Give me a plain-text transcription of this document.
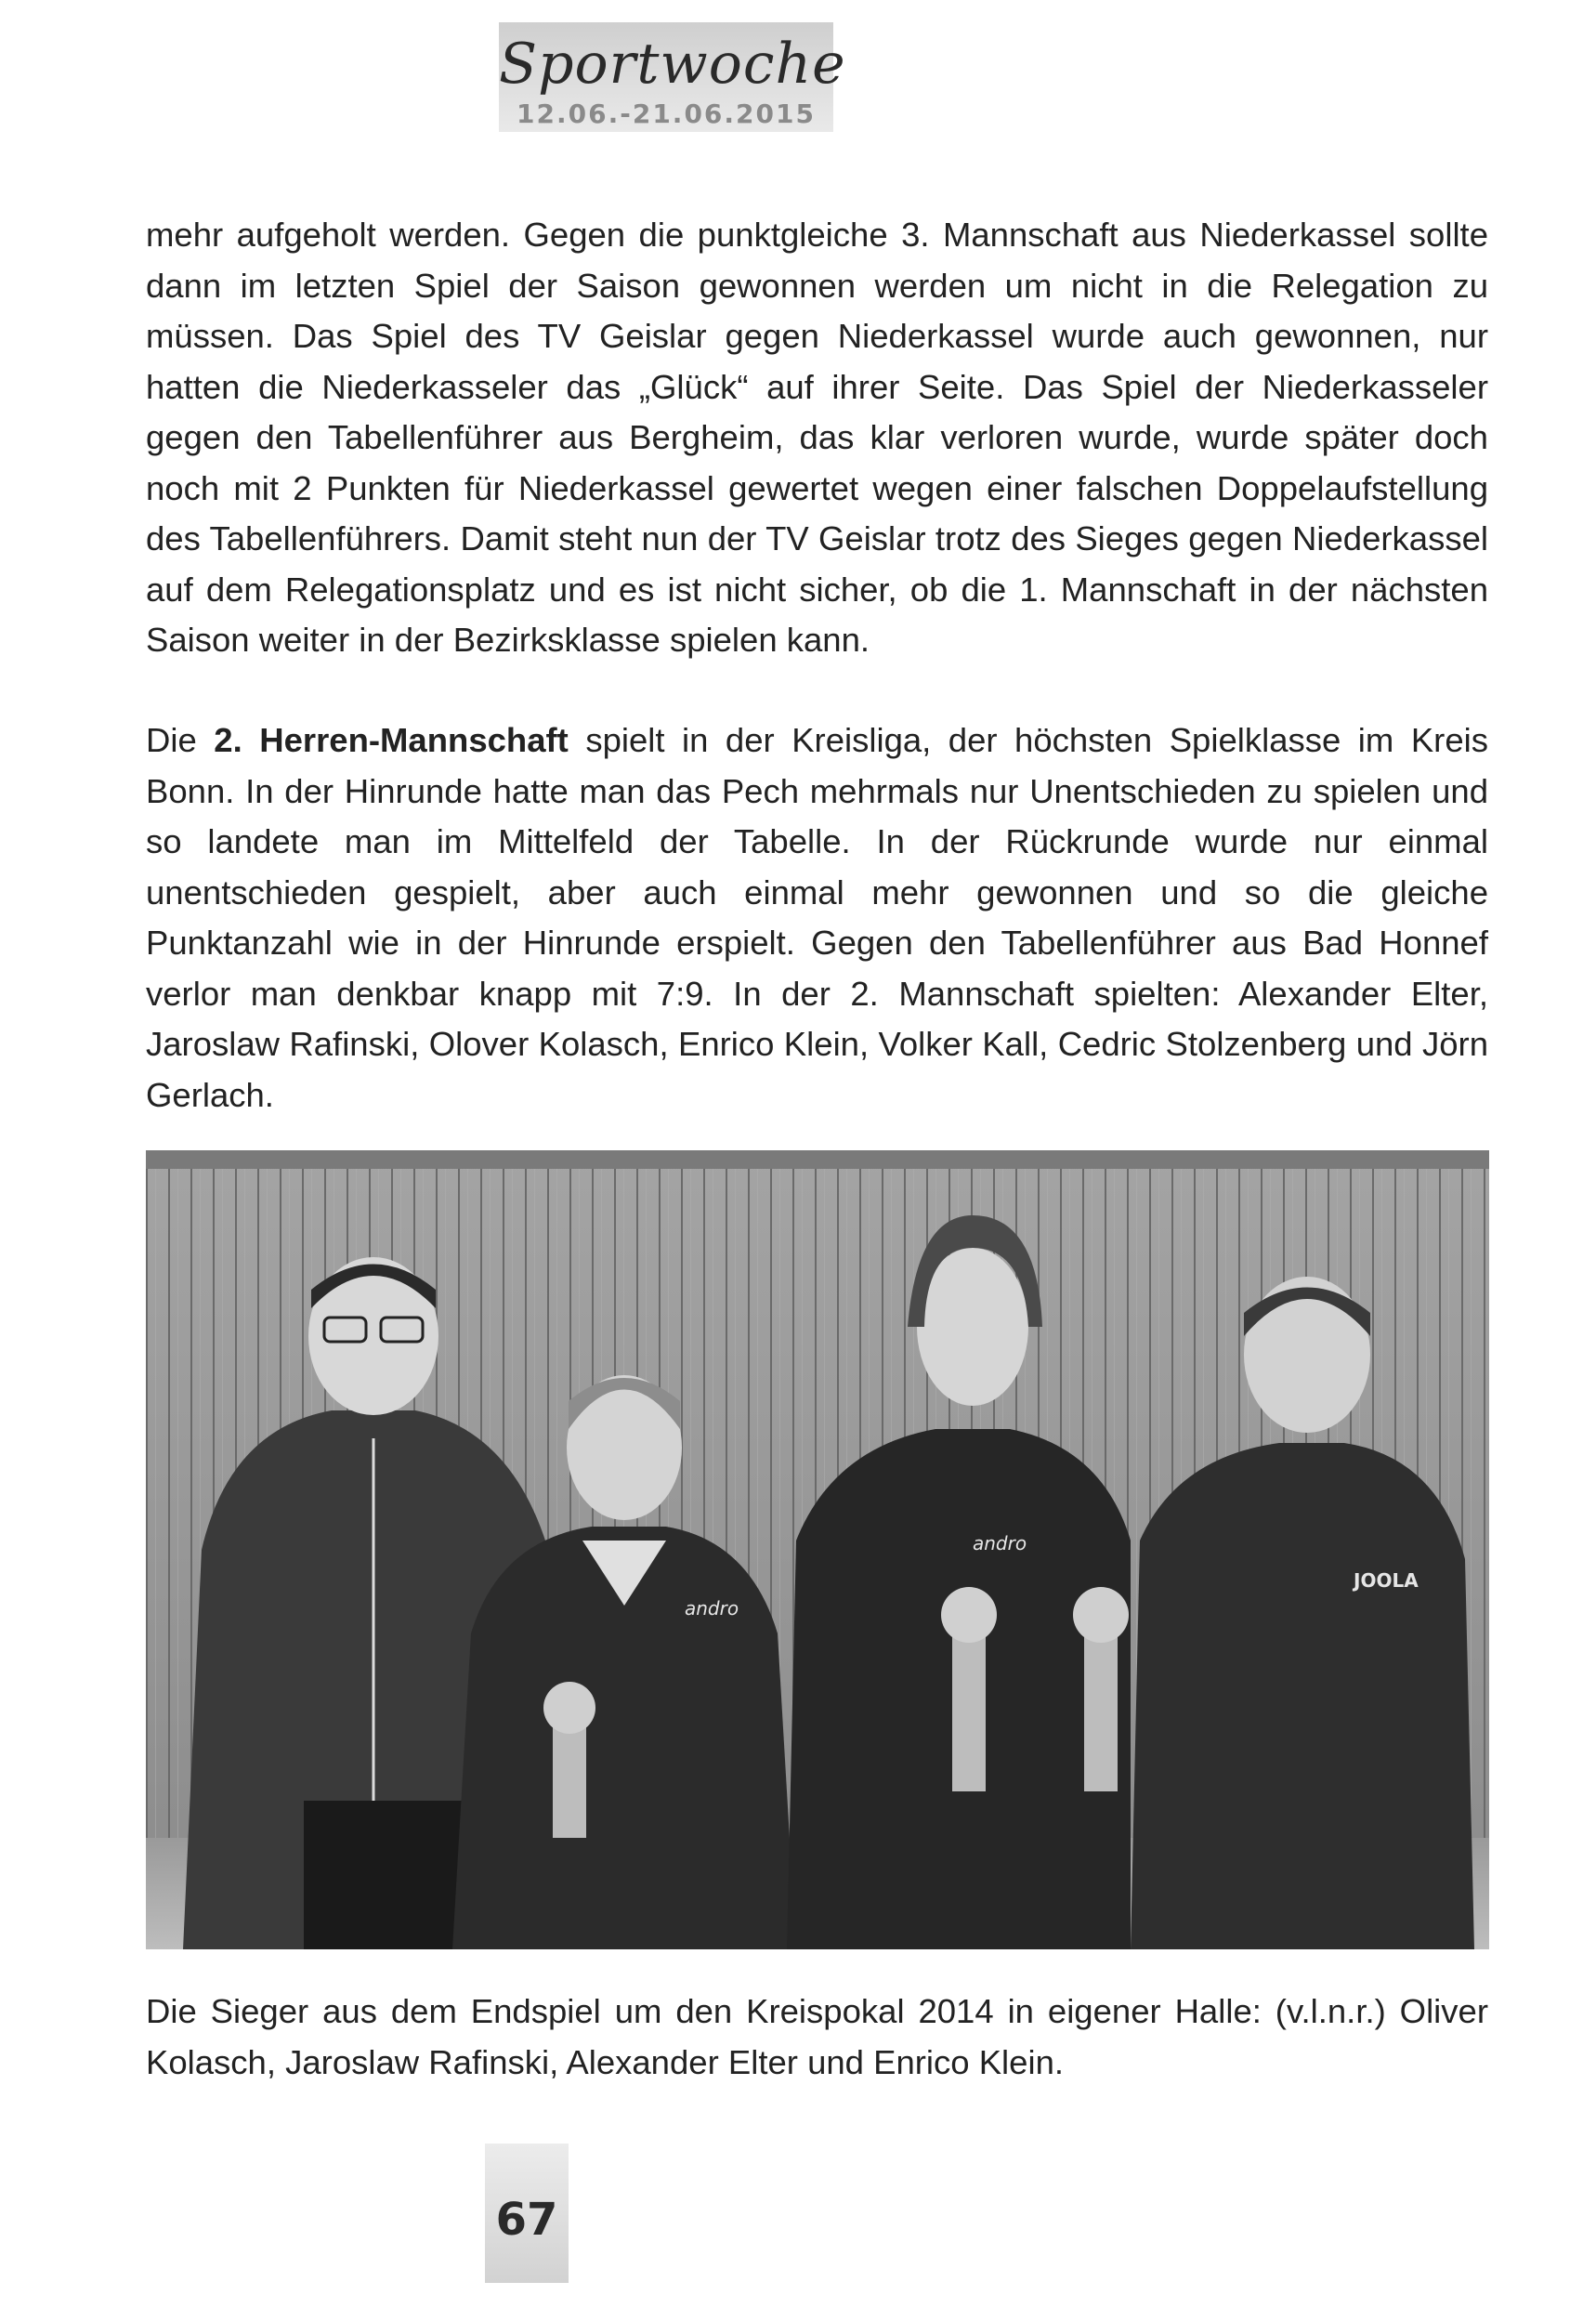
Sportwoche
12.06.-21.06.2015

mehr aufgeholt werden. Gegen die punktgleiche 3. Mannschaft aus Niederkassel sollte dann im letzten Spiel der Saison gewonnen werden um nicht in die Relegation zu müssen. Das Spiel des TV Geislar gegen Niederkassel wurde auch gewonnen, nur hatten die Niederkasseler das „Glück“ auf ihrer Seite. Das Spiel der Niederkasseler gegen den Tabellenführer aus Bergheim, das klar verloren wurde, wurde später doch noch mit 2 Punkten für Niederkassel gewertet wegen einer falschen Doppelaufstellung des Tabellenführers. Damit steht nun der TV Geislar trotz des Sieges gegen Niederkassel auf dem Relegationsplatz und es ist nicht sicher, ob die 1. Mannschaft in der nächsten Saison weiter in der Bezirksklasse spielen kann.

Die 2. Herren-Mannschaft spielt in der Kreisliga, der höchsten Spielklasse im Kreis Bonn. In der Hinrunde hatte man das Pech mehrmals nur Unentschieden zu spielen und so landete man im Mittelfeld der Tabelle. In der Rückrunde wurde nur einmal unentschieden gespielt, aber auch einmal mehr gewonnen und so die gleiche Punktanzahl wie in der Hinrunde erspielt. Gegen den Tabellenführer aus Bad Honnef verlor man denkbar knapp mit 7:9. In der 2. Mannschaft spielten: Alexander Elter, Jaroslaw Rafinski, Olover Kolasch, Enrico Klein, Volker Kall, Cedric Stolzenberg und Jörn Gerlach.

andro
andro
JOOLA
Die Sieger aus dem Endspiel um den Kreispokal 2014 in eigener Halle: (v.l.n.r.) Oliver Kolasch, Jaroslaw Rafinski, Alexander Elter und Enrico Klein.
67
